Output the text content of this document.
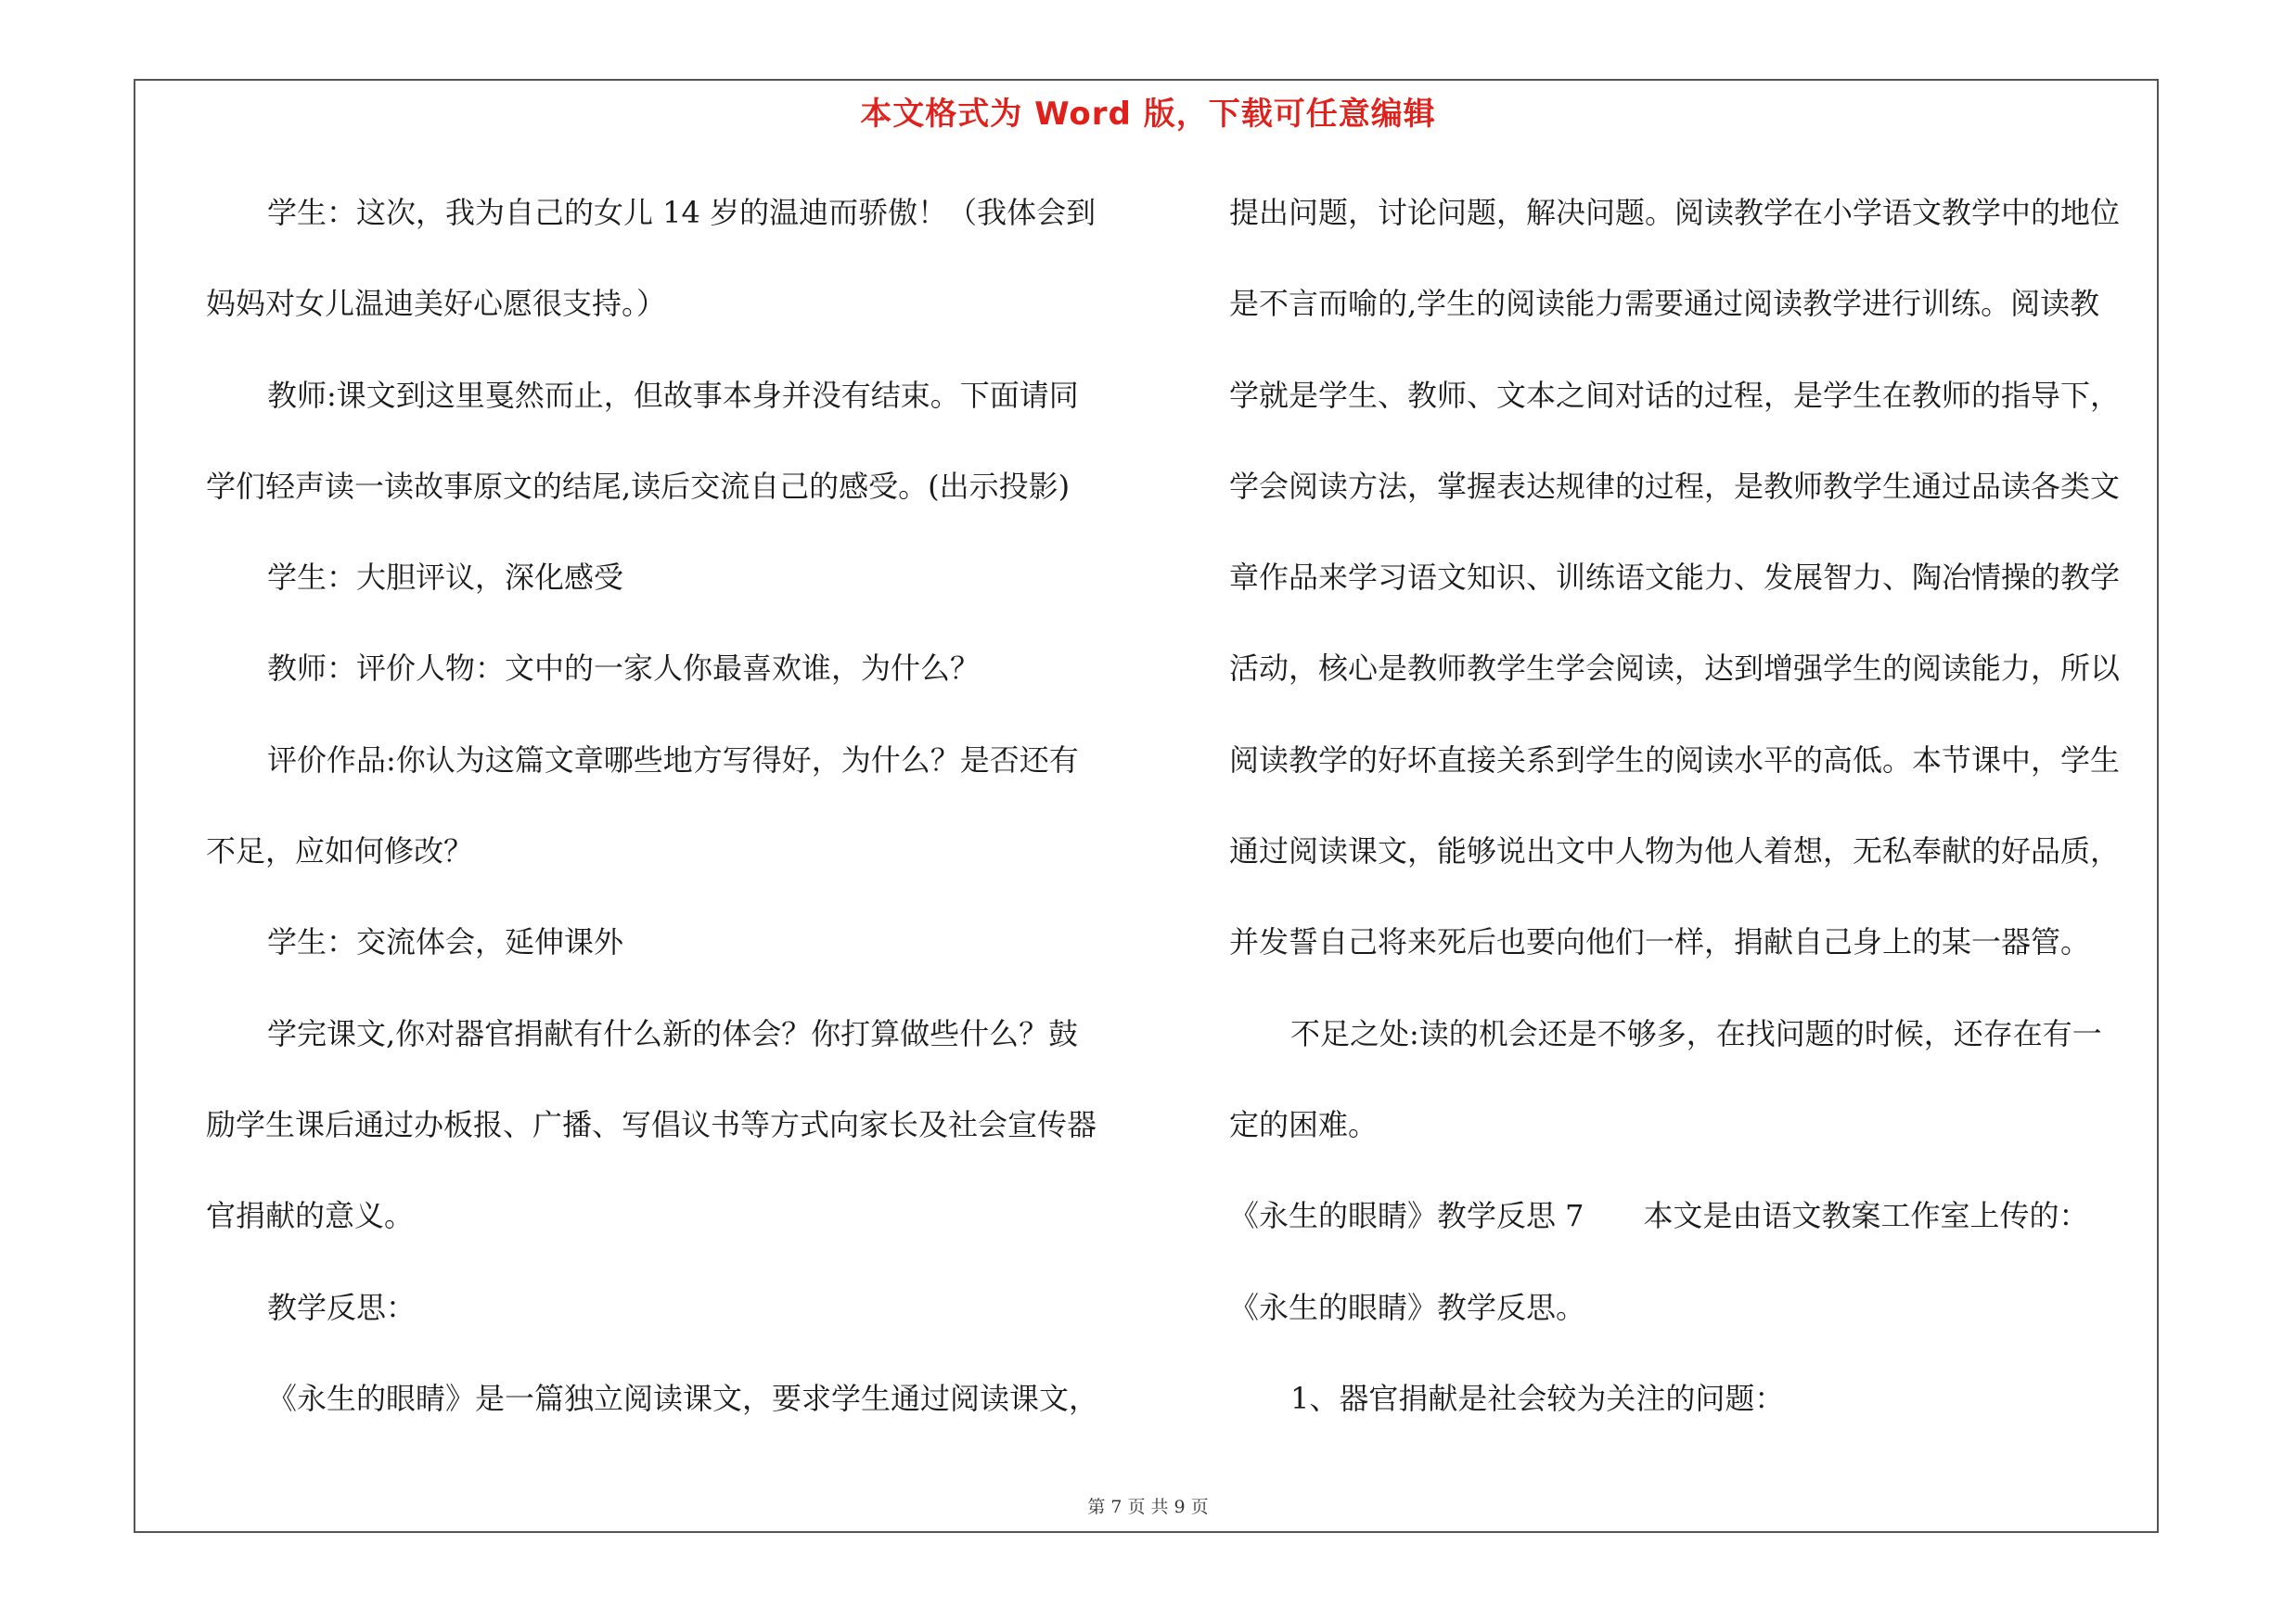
本文格式为 Word 版，下载可任意编辑

学生：这次，我为自己的女儿 14 岁的温迪而骄傲！（我体会到

妈妈对女儿温迪美好心愿很支持。）

教师:课文到这里戛然而止，但故事本身并没有结束。下面请同

学们轻声读一读故事原文的结尾,读后交流自己的感受。(出示投影)

学生：大胆评议，深化感受

教师：评价人物：文中的一家人你最喜欢谁，为什么？

评价作品:你认为这篇文章哪些地方写得好，为什么？是否还有

不足，应如何修改？

学生：交流体会，延伸课外

学完课文,你对器官捐献有什么新的体会？你打算做些什么？鼓

励学生课后通过办板报、广播、写倡议书等方式向家长及社会宣传器

官捐献的意义。

教学反思：

《永生的眼睛》是一篇独立阅读课文，要求学生通过阅读课文，

提出问题，讨论问题，解决问题。阅读教学在小学语文教学中的地位

是不言而喻的,学生的阅读能力需要通过阅读教学进行训练。阅读教

学就是学生、教师、文本之间对话的过程，是学生在教师的指导下，

学会阅读方法，掌握表达规律的过程，是教师教学生通过品读各类文

章作品来学习语文知识、训练语文能力、发展智力、陶冶情操的教学

活动，核心是教师教学生学会阅读，达到增强学生的阅读能力，所以

阅读教学的好坏直接关系到学生的阅读水平的高低。本节课中，学生

通过阅读课文，能够说出文中人物为他人着想，无私奉献的好品质，

并发誓自己将来死后也要向他们一样，捐献自己身上的某一器管。

不足之处:读的机会还是不够多，在找问题的时候，还存在有一

定的困难。

《永生的眼睛》教学反思 7　　本文是由语文教案工作室上传的：

《永生的眼睛》教学反思。

1、器官捐献是社会较为关注的问题：

第 7 页 共 9 页
